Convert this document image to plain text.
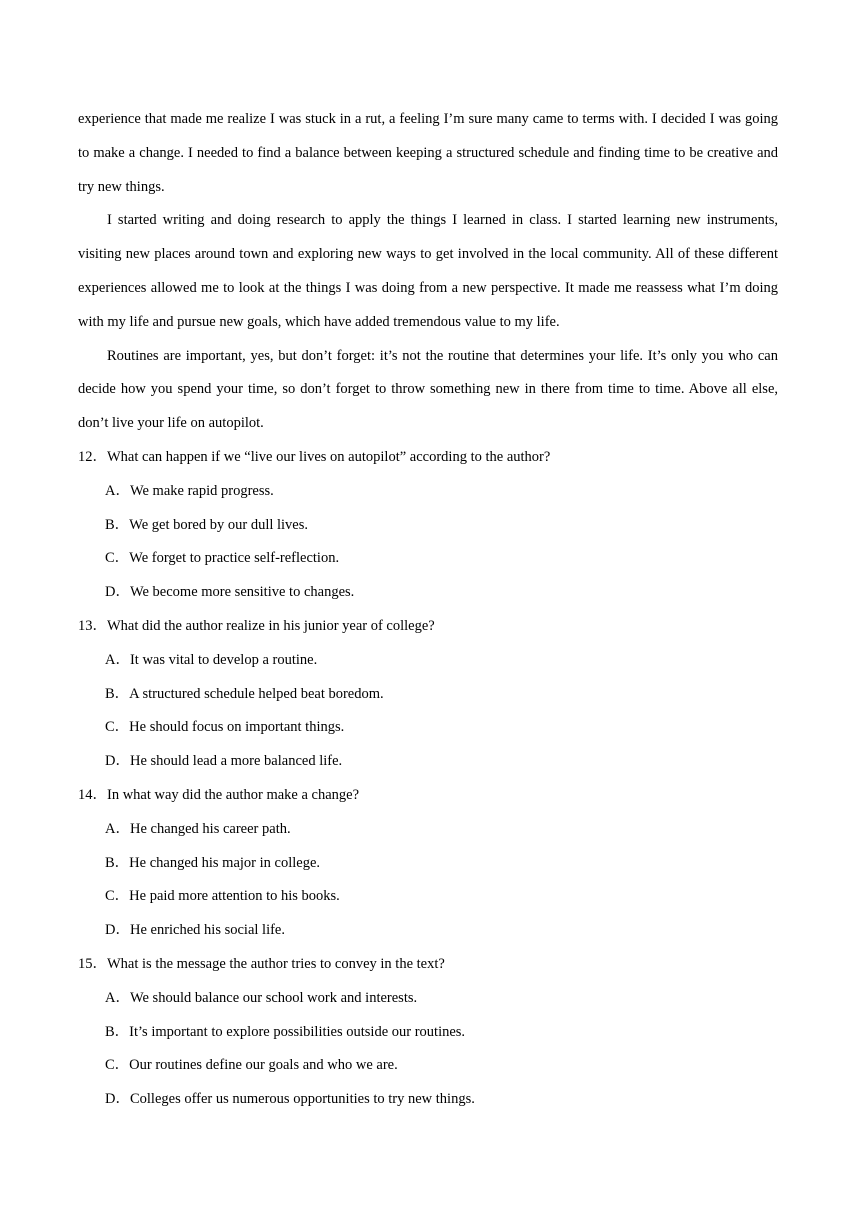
experience that made me realize I was stuck in a rut, a feeling I’m sure many came to terms with. I decided I was going to make a change. I needed to find a balance between keeping a structured schedule and finding time to be creative and try new things.

I started writing and doing research to apply the things I learned in class. I started learning new instruments, visiting new places around town and exploring new ways to get involved in the local community. All of these different experiences allowed me to look at the things I was doing from a new perspective. It made me reassess what I’m doing with my life and pursue new goals, which have added tremendous value to my life.

Routines are important, yes, but don’t forget: it’s not the routine that determines your life. It’s only you who can decide how you spend your time, so don’t forget to throw something new in there from time to time. Above all else, don’t live your life on autopilot.

12．What can happen if we “live our lives on autopilot” according to the author?

A．We make rapid progress.

B．We get bored by our dull lives.

C．We forget to practice self-reflection.

D．We become more sensitive to changes.

13．What did the author realize in his junior year of college?

A．It was vital to develop a routine.

B．A structured schedule helped beat boredom.

C．He should focus on important things.

D．He should lead a more balanced life.

14．In what way did the author make a change?

A．He changed his career path.

B．He changed his major in college.

C．He paid more attention to his books.

D．He enriched his social life.

15．What is the message the author tries to convey in the text?

A．We should balance our school work and interests.

B．It’s important to explore possibilities outside our routines.

C．Our routines define our goals and who we are.

D．Colleges offer us numerous opportunities to try new things.
